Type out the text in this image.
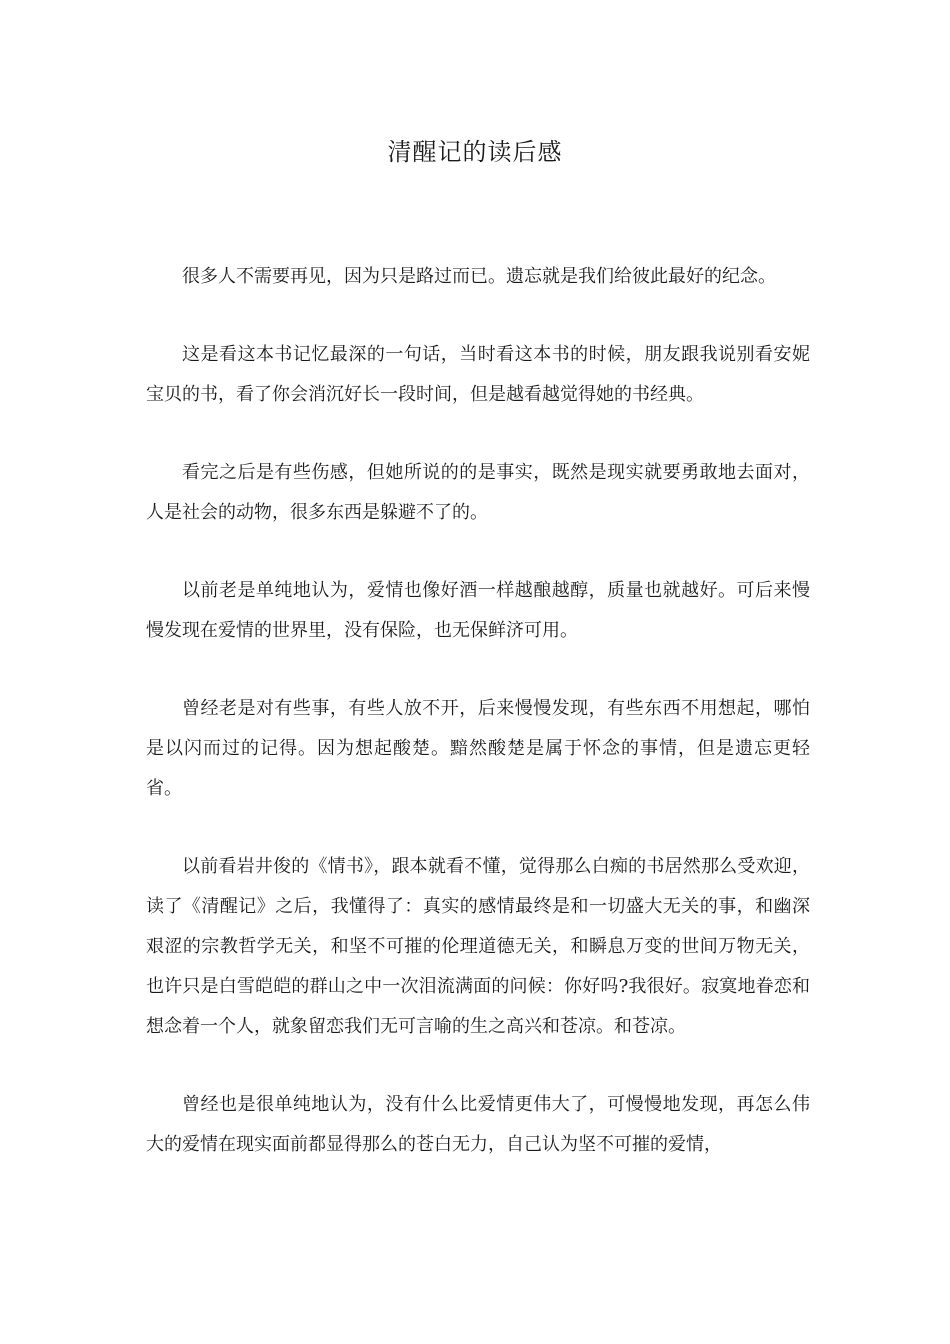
清醒记的读后感

很多人不需要再见，因为只是路过而已。遗忘就是我们给彼此最好的纪念。

这是看这本书记忆最深的一句话，当时看这本书的时候，朋友跟我说别看安妮宝贝的书，看了你会消沉好长一段时间，但是越看越觉得她的书经典。

看完之后是有些伤感，但她所说的的是事实，既然是现实就要勇敢地去面对，人是社会的动物，很多东西是躲避不了的。

以前老是单纯地认为，爱情也像好酒一样越酿越醇，质量也就越好。可后来慢慢发现在爱情的世界里，没有保险，也无保鲜济可用。

曾经老是对有些事，有些人放不开，后来慢慢发现，有些东西不用想起，哪怕是以闪而过的记得。因为想起酸楚。黯然酸楚是属于怀念的事情，但是遗忘更轻省。

以前看岩井俊的《情书》，跟本就看不懂，觉得那么白痴的书居然那么受欢迎，读了《清醒记》之后，我懂得了：真实的感情最终是和一切盛大无关的事，和幽深艰涩的宗教哲学无关，和坚不可摧的伦理道德无关，和瞬息万变的世间万物无关，也许只是白雪皑皑的群山之中一次泪流满面的问候：你好吗?我很好。寂寞地眷恋和想念着一个人，就象留恋我们无可言喻的生之高兴和苍凉。和苍凉。

曾经也是很单纯地认为，没有什么比爱情更伟大了，可慢慢地发现，再怎么伟大的爱情在现实面前都显得那么的苍白无力，自己认为坚不可摧的爱情，
